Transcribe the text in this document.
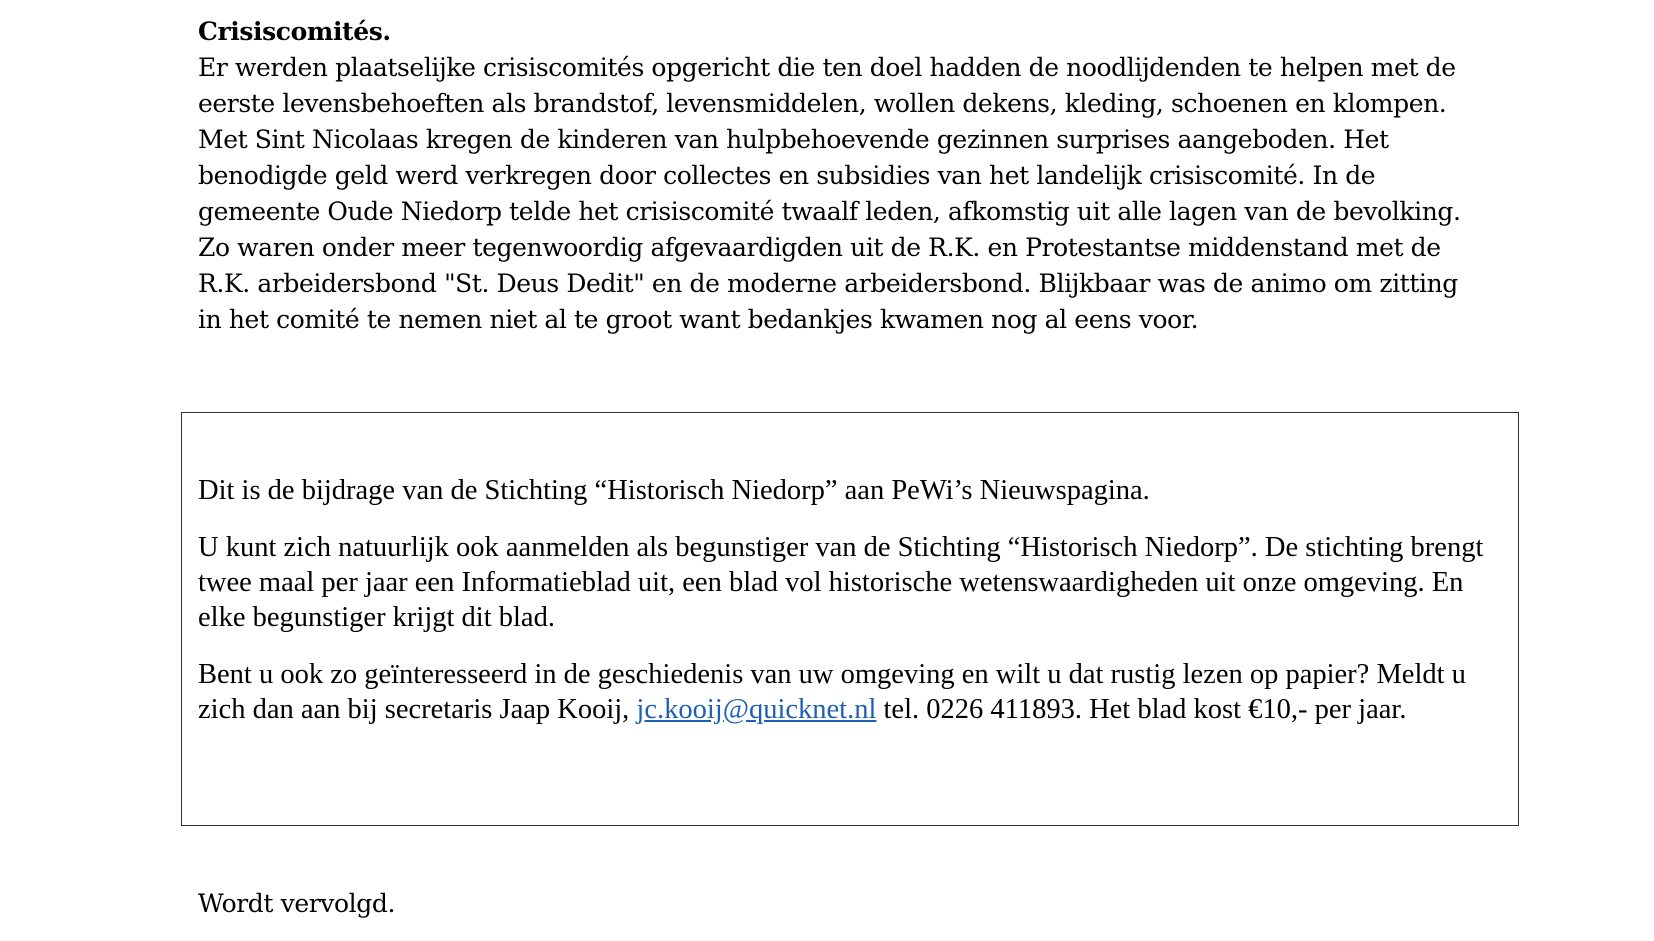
Crisiscomités.

Er werden plaatselijke crisiscomités opgericht die ten doel hadden de noodlijdenden te helpen met de eerste levensbehoeften als brandstof, levensmiddelen, wollen dekens, kleding, schoenen en klompen. Met Sint Nicolaas kregen de kinderen van hulpbehoevende gezinnen surprises aangeboden. Het benodigde geld werd verkregen door collectes en subsidies van het landelijk crisiscomité. In de gemeente Oude Niedorp telde het crisiscomité twaalf leden, afkomstig uit alle lagen van de bevolking. Zo waren onder meer tegenwoordig afgevaardigden uit de R.K. en Protestantse middenstand met de R.K. arbeidersbond "St. Deus Dedit" en de moderne arbeidersbond. Blijkbaar was de animo om zitting in het comité te nemen niet al te groot want bedankjes kwamen nog al eens voor.

Dit is de bijdrage van de Stichting “Historisch Niedorp” aan PeWi’s Nieuwspagina.

U kunt zich natuurlijk ook aanmelden als begunstiger van de Stichting “Historisch Niedorp”. De stichting brengt twee maal per jaar een Informatieblad uit, een blad vol historische wetenswaardigheden uit onze omgeving. En elke begunstiger krijgt dit blad.

Bent u ook zo geïnteresseerd in de geschiedenis van uw omgeving en wilt u dat rustig lezen op papier? Meldt u zich dan aan bij secretaris Jaap Kooij, jc.kooij@quicknet.nl tel. 0226 411893. Het blad kost €10,- per jaar.

Wordt vervolgd.
